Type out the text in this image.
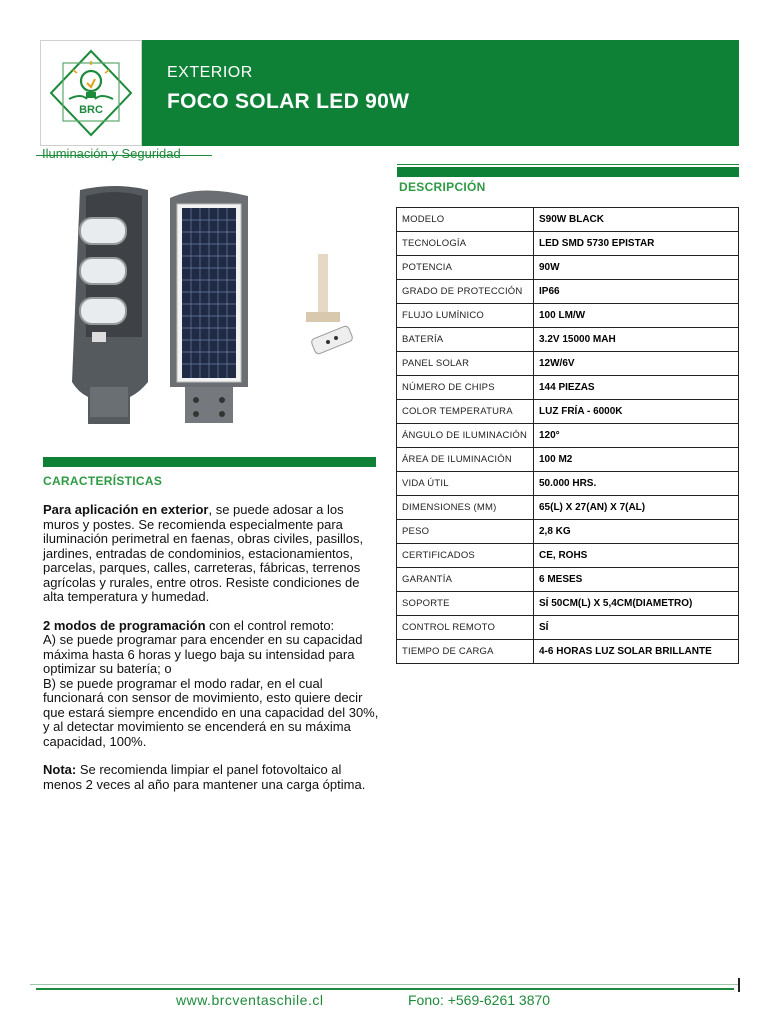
BRC
EXTERIOR
FOCO SOLAR LED 90W
Iluminación y Seguridad
DESCRIPCIÓN
MODELO	S90W BLACK
TECNOLOGÍA	LED SMD 5730 EPISTAR
POTENCIA	90W
GRADO DE PROTECCIÓN	IP66
FLUJO LUMÍNICO	100 LM/W
BATERÍA	3.2V 15000 MAH
PANEL SOLAR	12W/6V
NÚMERO DE CHIPS	144 PIEZAS
COLOR TEMPERATURA	LUZ FRÍA - 6000K
ÁNGULO DE ILUMINACIÓN	120°
ÁREA DE ILUMINACIÓN	100 M2
VIDA ÚTIL	50.000 HRS.
DIMENSIONES (MM)	65(L) X 27(AN) X 7(AL)
PESO	2,8 KG
CERTIFICADOS	CE, ROHS
GARANTÍA	6 MESES
SOPORTE	SÍ 50CM(L) X 5,4CM(DIAMETRO)
CONTROL REMOTO	SÍ
TIEMPO DE CARGA	4-6 HORAS LUZ SOLAR BRILLANTE
CARACTERÍSTICAS

Para aplicación en exterior, se puede adosar a los muros y postes. Se recomienda especialmente para iluminación perimetral en faenas, obras civiles, pasillos, jardines, entradas de condominios, estacionamientos, parcelas, parques, calles, carreteras, fábricas, terrenos agrícolas y rurales, entre otros. Resiste condiciones de alta temperatura y humedad.

2 modos de programación con el control remoto:
A) se puede programar para encender en su capacidad máxima hasta 6 horas y luego baja su intensidad para optimizar su batería; o
B) se puede programar el modo radar, en el cual funcionará con sensor de movimiento, esto quiere decir que estará siempre encendido en una capacidad del 30%, y al detectar movimiento se encenderá en su máxima capacidad, 100%.

Nota: Se recomienda limpiar el panel fotovoltaico al menos 2 veces al año para mantener una carga óptima.

www.brcventaschile.cl	Fono: +569-6261 3870
